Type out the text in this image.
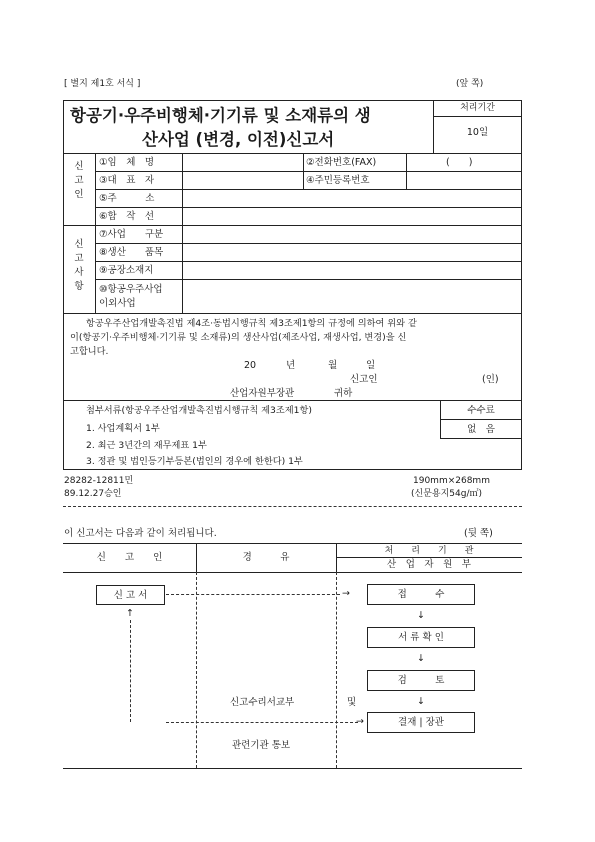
[ 별지 제1호 서식 ]	(앞 쪽)
항공기·우주비행체·기기류 및 소재류의 생
산사업 (변경, 이전)신고서
처리기간
10일
신
고
인
①임　체　명	②전화번호(FAX)	(　　)
③대　표　자	④주민등록번호
⑤주　　　소
⑥합　작　선
신
고
사
항
⑦사업　　구분
⑧생산　　품목
⑨공장소재지
⑩항공우주사업
이외사업
항공우주산업개발촉진법 제4조·동법시행규칙 제3조제1항의 규정에 의하여 위와 같
이(항공기·우주비행체·기기류 및 소재류)의 생산사업(제조사업, 재생사업, 변경)을 신
고합니다.
20	년	월	일
신고인	(인)
산업자원부장관	귀하
첨부서류(항공우주산업개발촉진법시행규칙 제3조제1항)
1. 사업계획서 1부
2. 최근 3년간의 재무제표 1부
3. 정관 및 법인등기부등본(법인의 경우에 한한다) 1부
수수료
없　음
28282-12811민
89.12.27승인
190mm×268mm
(신문용지54g/㎡)
이 신고서는 다음과 같이 처리됩니다.	(뒷 쪽)
신　　고　　인	경　　　유
처　　리　　기　　관
산　업　자　원　부
신 고 서	→	접　　　수
↓
서 류 확 인
↓
검　　　토
및	↓
결재 | 장관
→
↑
신고수리서교부
관련기관 통보
